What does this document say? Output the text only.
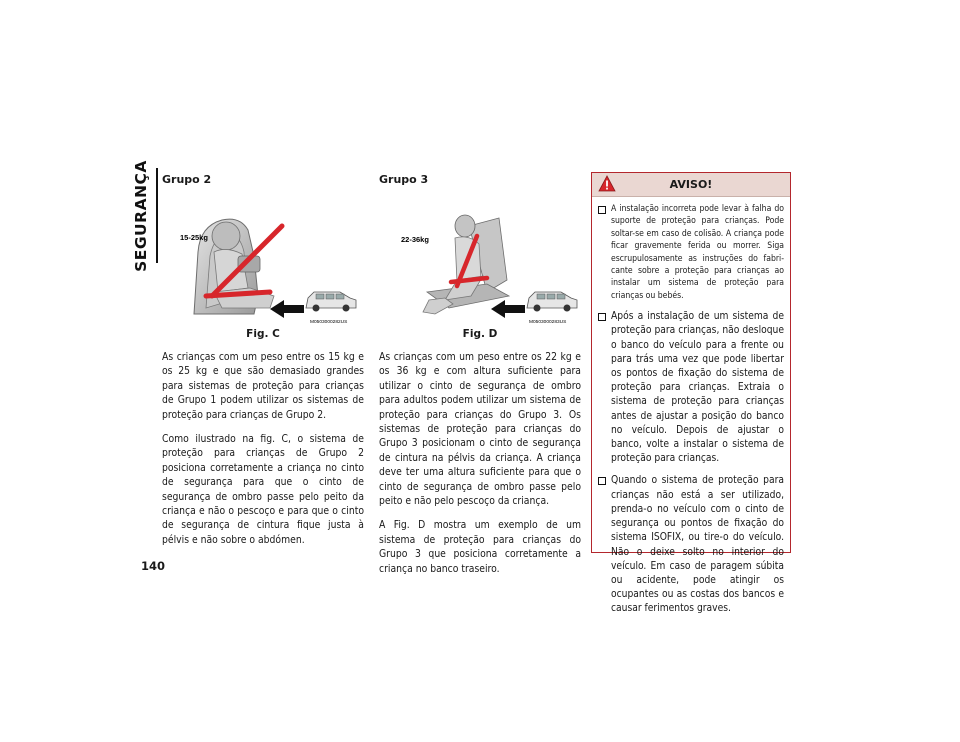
SEGURANÇA
140
Grupo 2
15-25kg
M0503000282US
Fig. C

As crianças com um peso entre os 15 kg e os 25 kg e que são demasiado grandes para sistemas de proteção para crianças de Grupo 1 podem utilizar os sistemas de proteção para crianças de Grupo 2.

Como ilustrado na fig. C, o sistema de proteção para crianças de Grupo 2 posiciona corretamente a criança no cinto de segurança para que o cinto de segurança de ombro passe pelo peito da criança e não o pescoço e para que o cinto de segurança de cintura fique justa à pélvis e não sobre o abdómen.

Grupo 3
22-36kg
M0503000283US
Fig. D

As crianças com um peso entre os 22 kg e os 36 kg e com altura suficiente para utilizar o cinto de segurança de ombro para adultos podem utilizar um sistema de proteção para crianças do Grupo 3. Os sistemas de proteção para crianças do Grupo 3 posicionam o cinto de segurança de cintura na pélvis da criança. A criança deve ter uma altura suficiente para que o cinto de segurança de ombro passe pelo peito e não pelo pescoço da criança.

A Fig. D mostra um exemplo de um sistema de proteção para crianças do Grupo 3 que posiciona corretamente a criança no banco traseiro.

AVISO!
A instalação incorreta pode levar à falha do suporte de proteção para crianças. Pode soltar-se em caso de colisão. A criança pode ficar gravemente ferida ou morrer. Siga escrupulosamente as instruções do fabricante sobre a proteção para crianças ao instalar um sistema de proteção para crianças ou bebés.
Após a instalação de um sistema de proteção para crianças, não desloque o banco do veículo para a frente ou para trás uma vez que pode libertar os pontos de fixação do sistema de proteção para crianças. Extraia o sistema de proteção para crianças antes de ajustar a posição do banco no veículo. Depois de ajustar o banco, volte a instalar o sistema de proteção para crianças.
Quando o sistema de proteção para crianças não está a ser utilizado, prenda-o no veículo com o cinto de segurança ou pontos de fixação do sistema ISOFIX, ou tire-o do veículo. Não o deixe solto no interior do veículo. Em caso de paragem súbita ou acidente, pode atingir os ocupantes ou as costas dos bancos e causar ferimentos graves.
